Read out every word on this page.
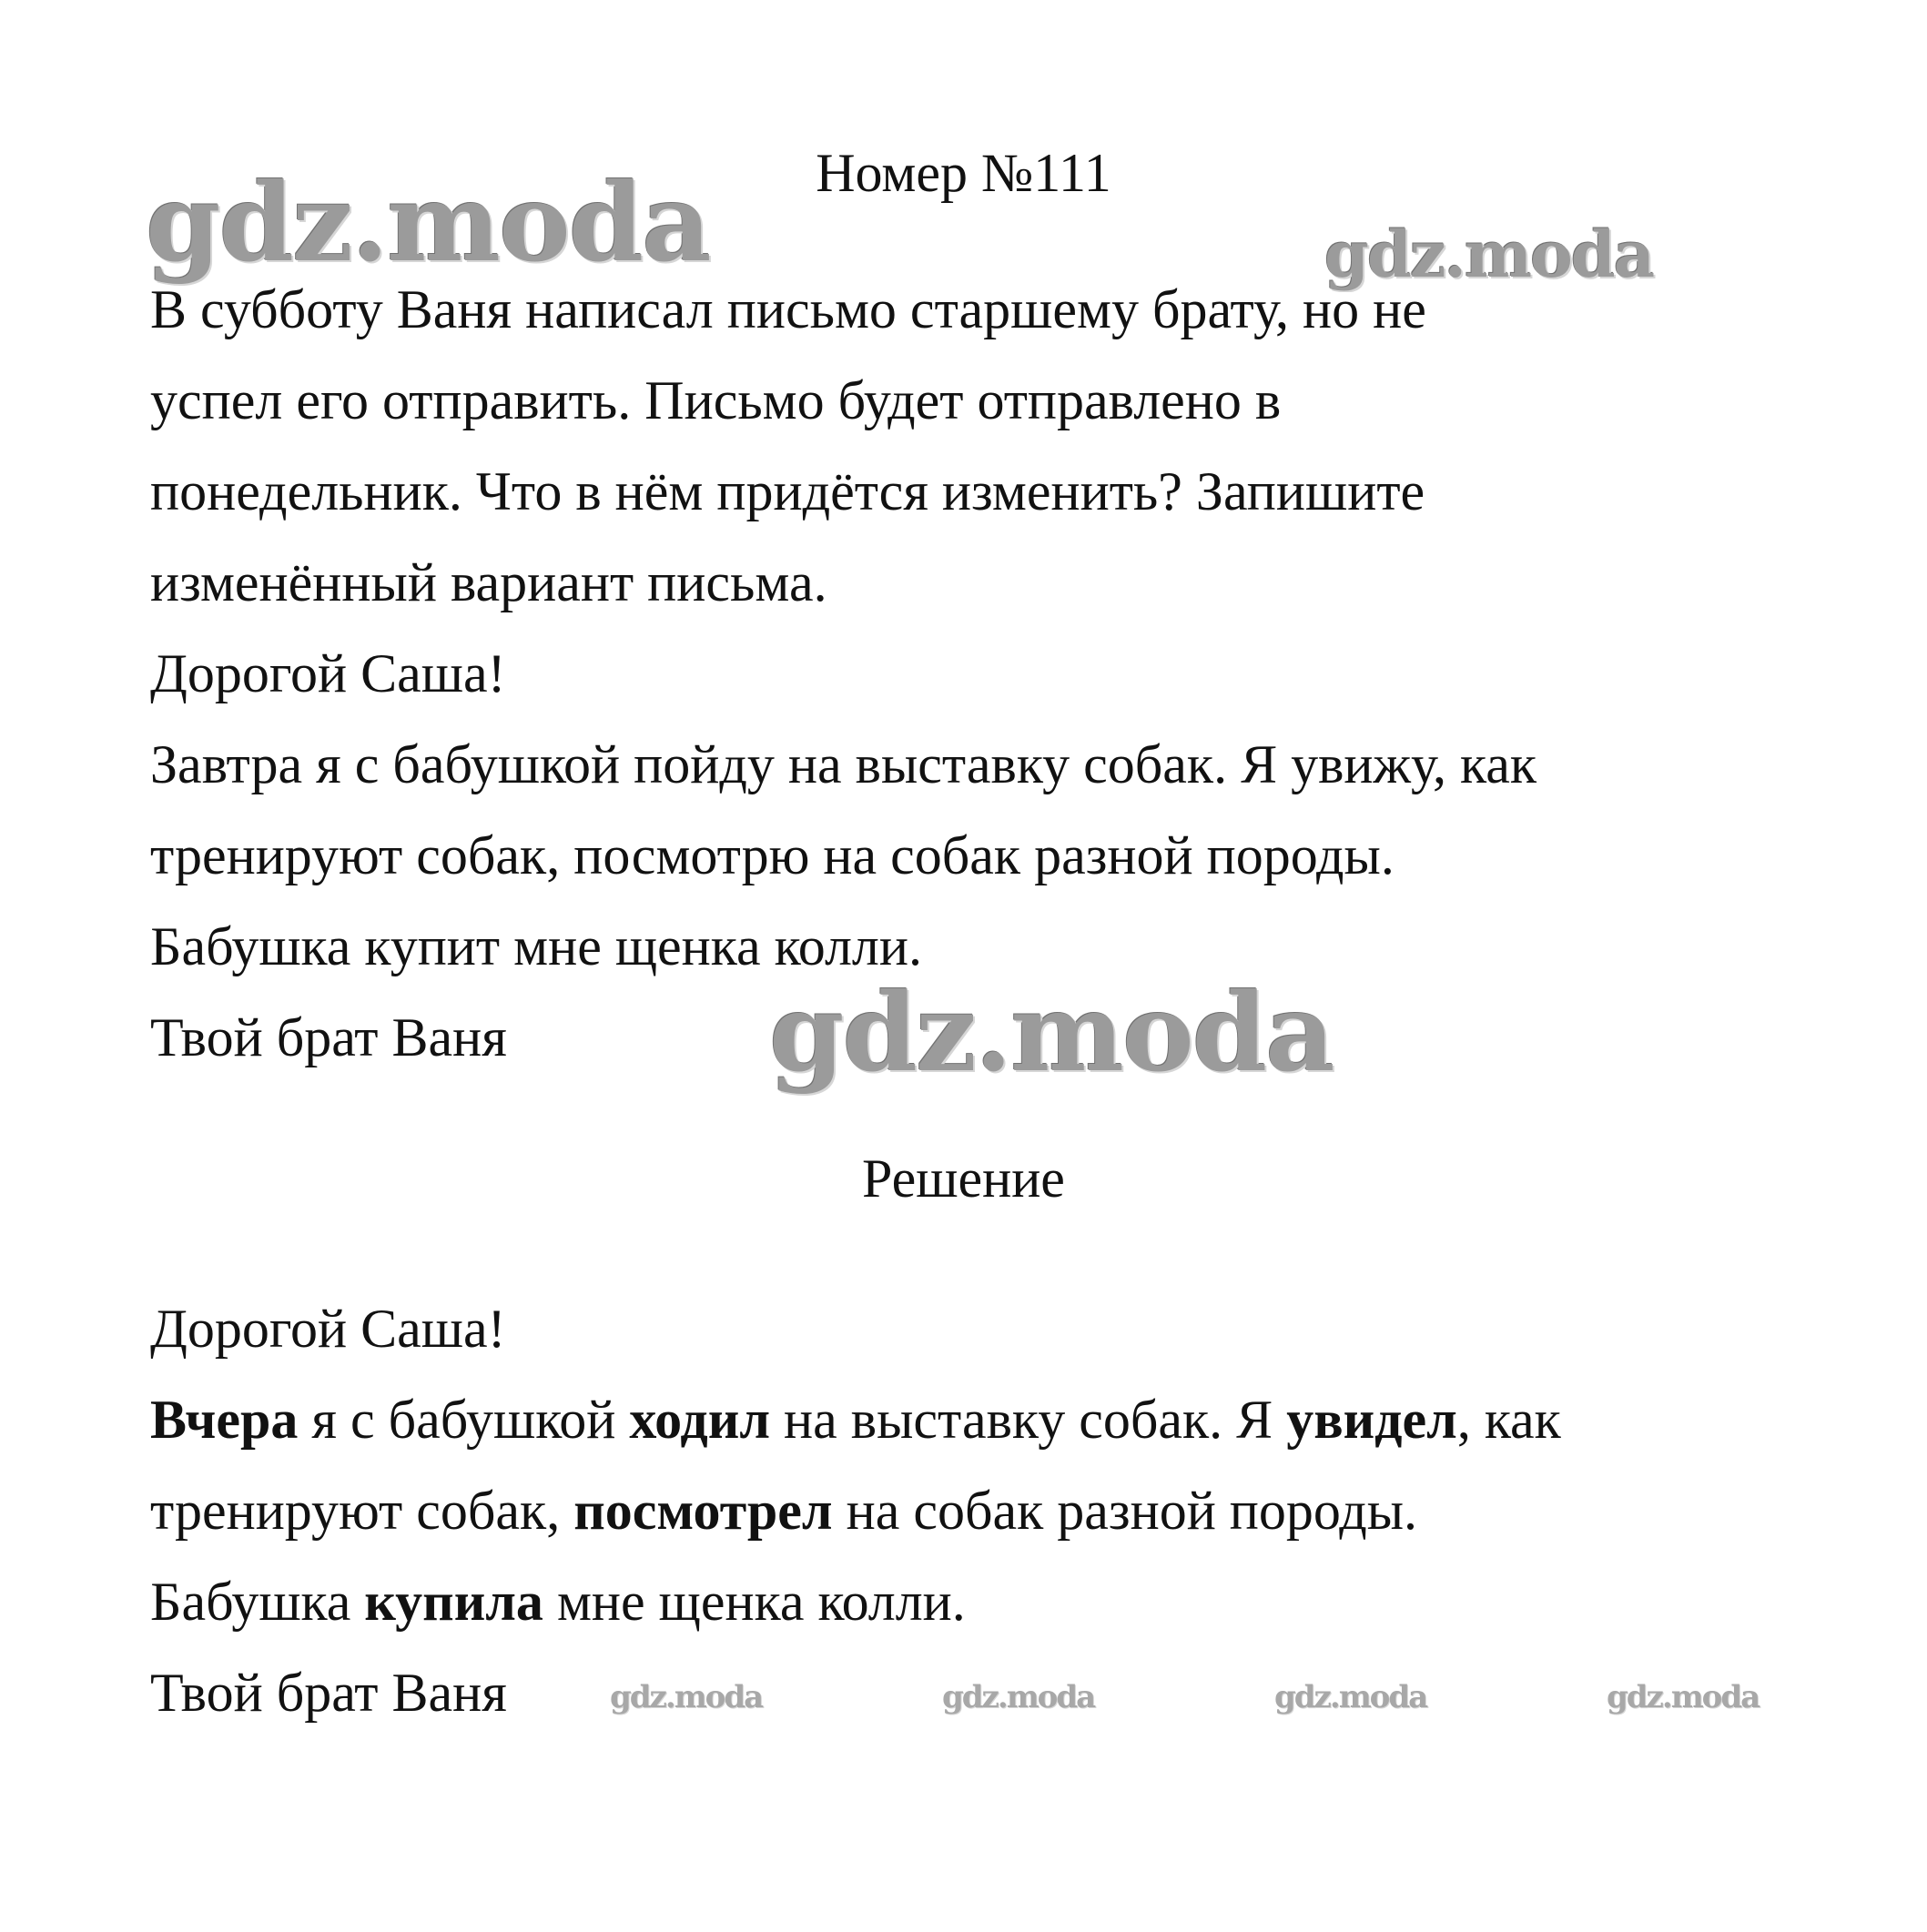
Номер №111
В субботу Ваня написал письмо старшему брату, но не
успел его отправить. Письмо будет отправлено в
понедельник. Что в нём придётся изменить? Запишите
изменённый вариант письма.
Дорогой Саша!
Завтра я с бабушкой пойду на выставку собак. Я увижу, как
тренируют собак, посмотрю на собак разной породы.
Бабушка купит мне щенка колли.
Твой брат Ваня
Решение
Дорогой Саша!
Вчера я с бабушкой ходил на выставку собак. Я увидел, как
тренируют собак, посмотрел на собак разной породы.
Бабушка купила мне щенка колли.
Твой брат Ваня
gdz.moda	gdz.moda
gdz.moda
gdz.moda	gdz.moda	gdz.moda	gdz.moda
